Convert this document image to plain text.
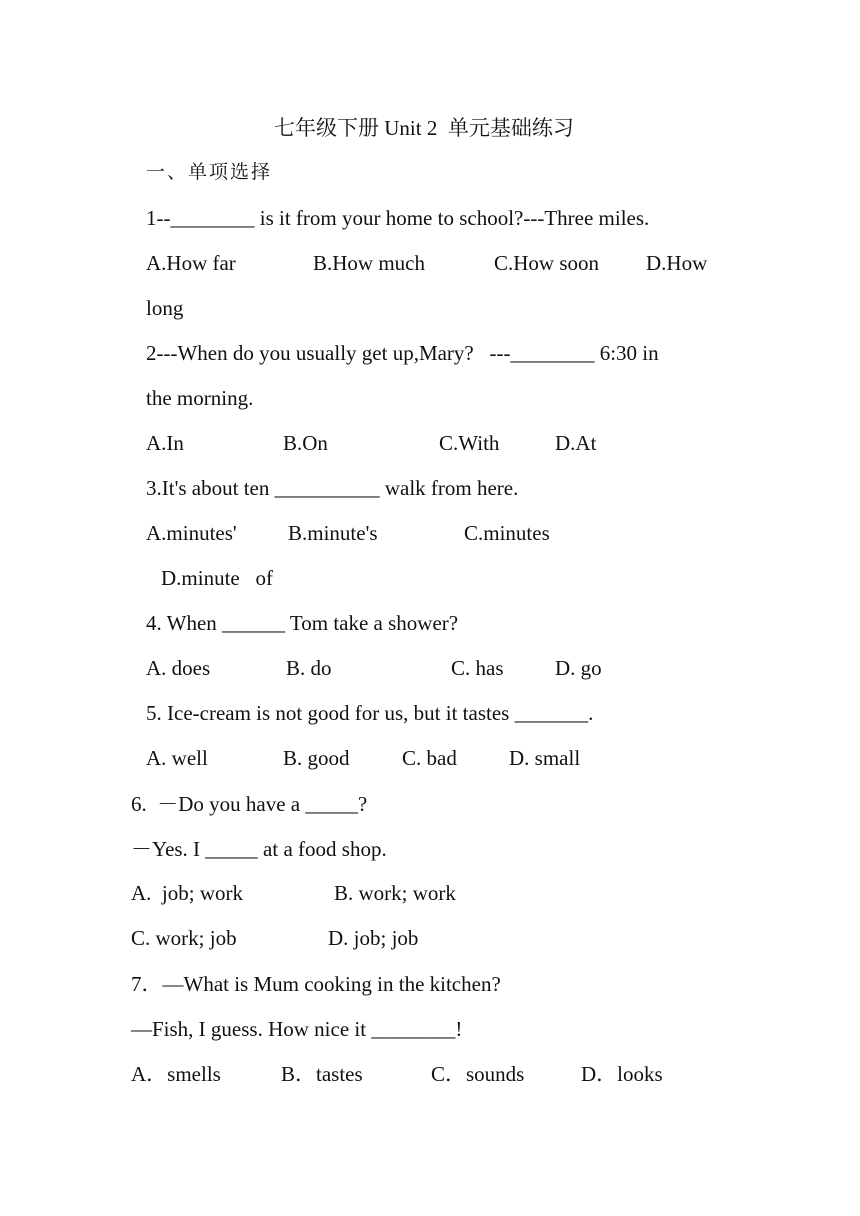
七年级下册 Unit 2  单元基础练习
一、单项选择
1--________ is it from your home to school?---Three miles.
A.How far	B.How much	C.How soon D.How
long
2---When do you usually get up,Mary?   ---________ 6:30 in
the morning.
A.In	B.On	C.With	D.At
3.It's about ten __________ walk from here.
A.minutes' B.minute's	C.minutes
D.minute   of
4. When ______ Tom take a shower?
A. does	B. do	C. has D. go
5. Ice-cream is not good for us, but it tastes _______.
A. well	B. good C. bad D. small
6.  －Do you have a _____?
－Yes. I _____ at a food shop.
A.  job; work	B. work; work
C. work; job	D. job; job
7．—What is Mum cooking in the kitchen?
—Fish, I guess. How nice it ________!
A．smells	B．tastes	C．sounds	D．looks
